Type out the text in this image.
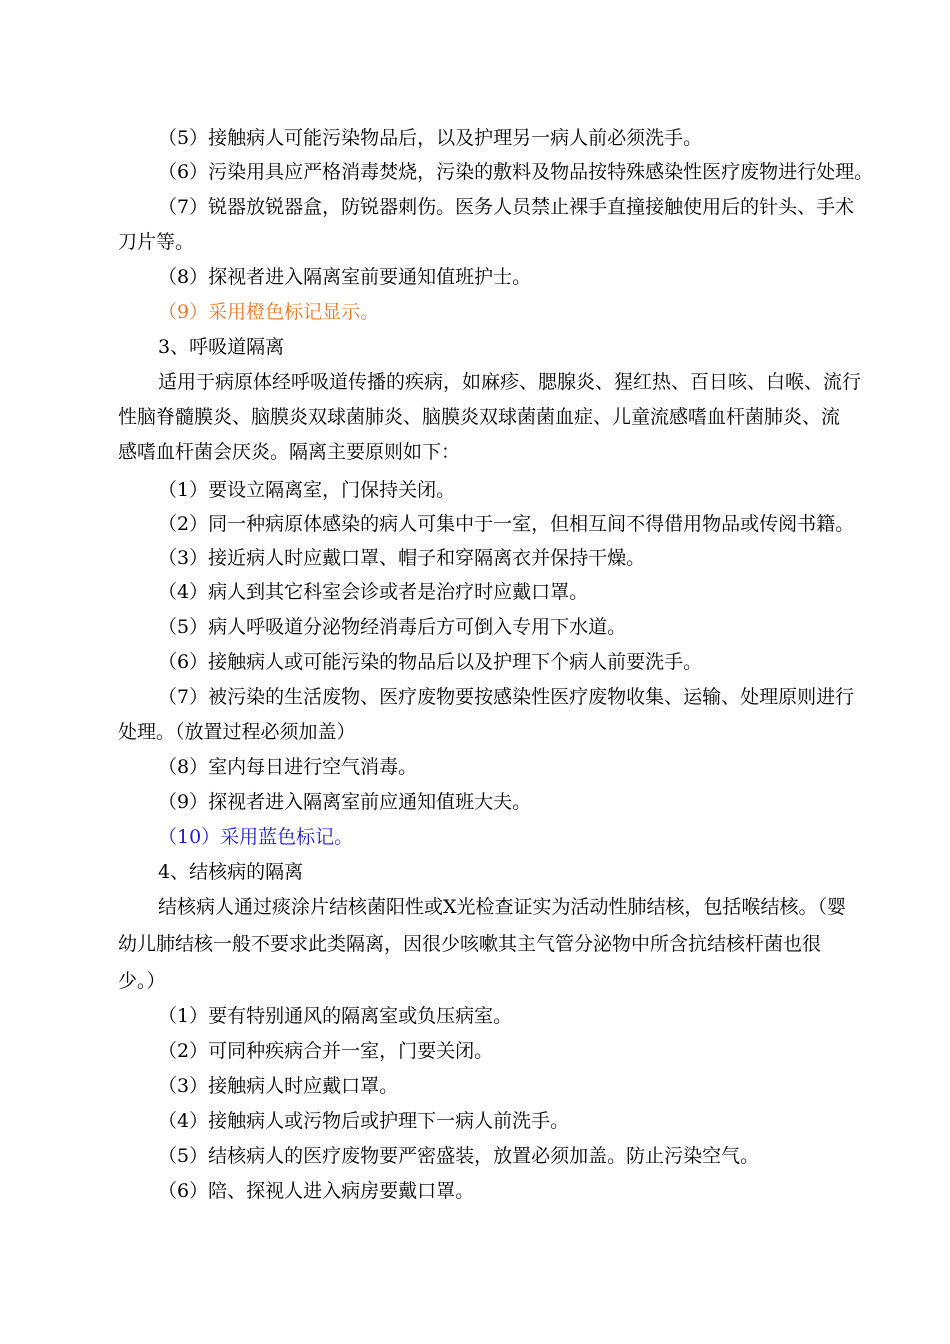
（5）接触病人可能污染物品后，以及护理另一病人前必须洗手。
（6）污染用具应严格消毒焚烧，污染的敷料及物品按特殊感染性医疗废物进行处理。
（7）锐器放锐器盒，防锐器刺伤。医务人员禁止裸手直撞接触使用后的针头、手术
刀片等。
（8）探视者进入隔离室前要通知值班护士。
（9）采用橙色标记显示。
3、呼吸道隔离
适用于病原体经呼吸道传播的疾病，如麻疹、腮腺炎、猩红热、百日咳、白喉、流行
性脑脊髓膜炎、脑膜炎双球菌肺炎、脑膜炎双球菌菌血症、儿童流感嗜血杆菌肺炎、流
感嗜血杆菌会厌炎。隔离主要原则如下：
（1）要设立隔离室，门保持关闭。
（2）同一种病原体感染的病人可集中于一室，但相互间不得借用物品或传阅书籍。
（3）接近病人时应戴口罩、帽子和穿隔离衣并保持干燥。
（4）病人到其它科室会诊或者是治疗时应戴口罩。
（5）病人呼吸道分泌物经消毒后方可倒入专用下水道。
（6）接触病人或可能污染的物品后以及护理下个病人前要洗手。
（7）被污染的生活废物、医疗废物要按感染性医疗废物收集、运输、处理原则进行
处理。（放置过程必须加盖）
（8）室内每日进行空气消毒。
（9）探视者进入隔离室前应通知值班大夫。
（10）采用蓝色标记。
4、结核病的隔离
结核病人通过痰涂片结核菌阳性或X光检查证实为活动性肺结核，包括喉结核。（婴
幼儿肺结核一般不要求此类隔离，因很少咳嗽其主气管分泌物中所含抗结核杆菌也很
少。）
（1）要有特别通风的隔离室或负压病室。
（2）可同种疾病合并一室，门要关闭。
（3）接触病人时应戴口罩。
（4）接触病人或污物后或护理下一病人前洗手。
（5）结核病人的医疗废物要严密盛装，放置必须加盖。防止污染空气。
（6）陪、探视人进入病房要戴口罩。
